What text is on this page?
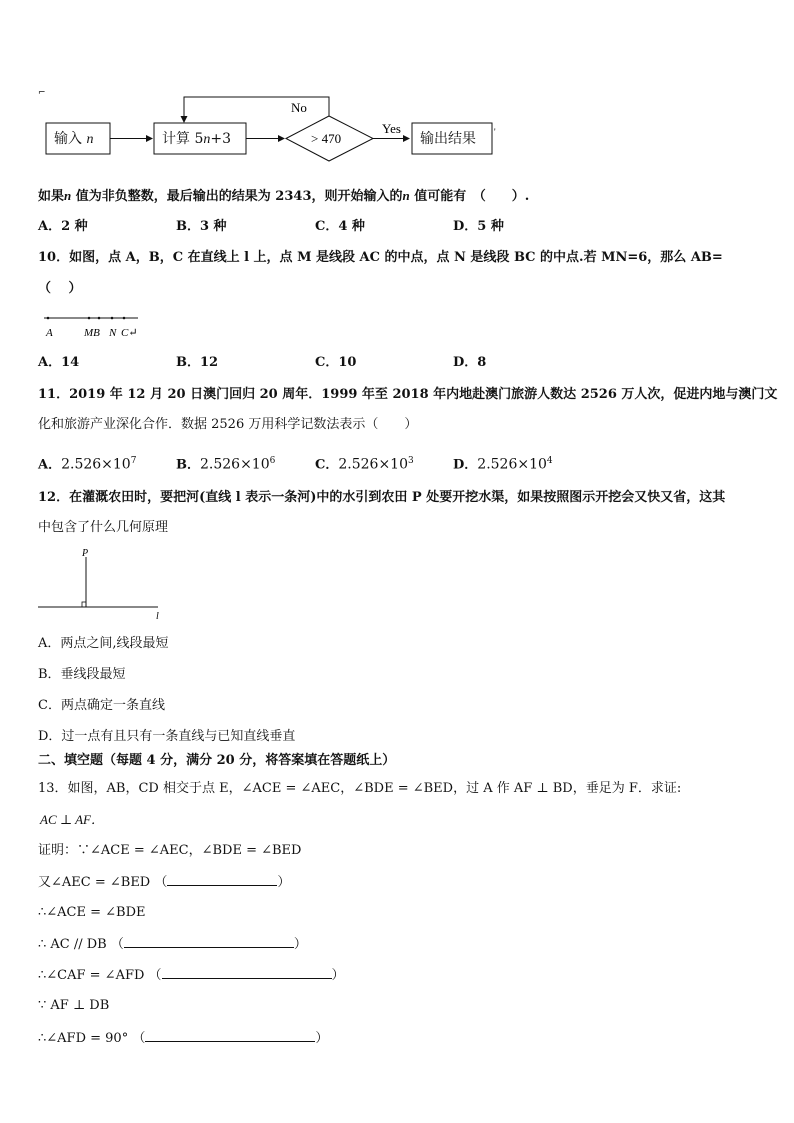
⌐
No
Yes
> 470	'
输入 n	计算 5n+3	输出结果
如果n 值为非负整数，最后输出的结果为 2343，则开始输入的n 值可能有　（　　）.
A．2 种	B．3 种	C．4 种	D．5 种
10．如图，点 A，B，C 在直线上 l 上，点 M 是线段 AC 的中点，点 N 是线段 BC 的中点.若 MN=6，那么 AB=
（　 ）
A	MB N C↵
A．14	B．12	C．10	D．8
11．2019 年 12 月 20 日澳门回归 20 周年．1999 年至 2018 年内地赴澳门旅游人数达 2526 万人次，促进内地与澳门文
化和旅游产业深化合作．数据 2526 万用科学记数法表示（　　）
A．$2.526\times 10^7$	B．$2.526\times 10^6$	C．$2.526\times 10^3$	D．$2.526\times 10^4$
12．在灌溉农田时，要把河(直线 l 表示一条河)中的水引到农田 P 处要开挖水渠，如果按照图示开挖会又快又省，这其
中包含了什么几何原理
P
l
A．两点之间,线段最短
B．垂线段最短
C．两点确定一条直线
D．过一点有且只有一条直线与已知直线垂直
二、填空题（每题 4 分，满分 20 分，将答案填在答题纸上）
13．如图，AB，CD 相交于点 E，∠ACE = ∠AEC，∠BDE = ∠BED，过 A 作 AF ⊥ BD，垂足为 F．求证:
AC ⊥ AF．
证明：∵∠ACE = ∠AEC，∠BDE = ∠BED
又∠AEC = ∠BED （	）
∴∠ACE = ∠BDE
∴ AC // DB （	）
∴∠CAF = ∠AFD （	）
∵ AF ⊥ DB
∴∠AFD = 90° （	）
